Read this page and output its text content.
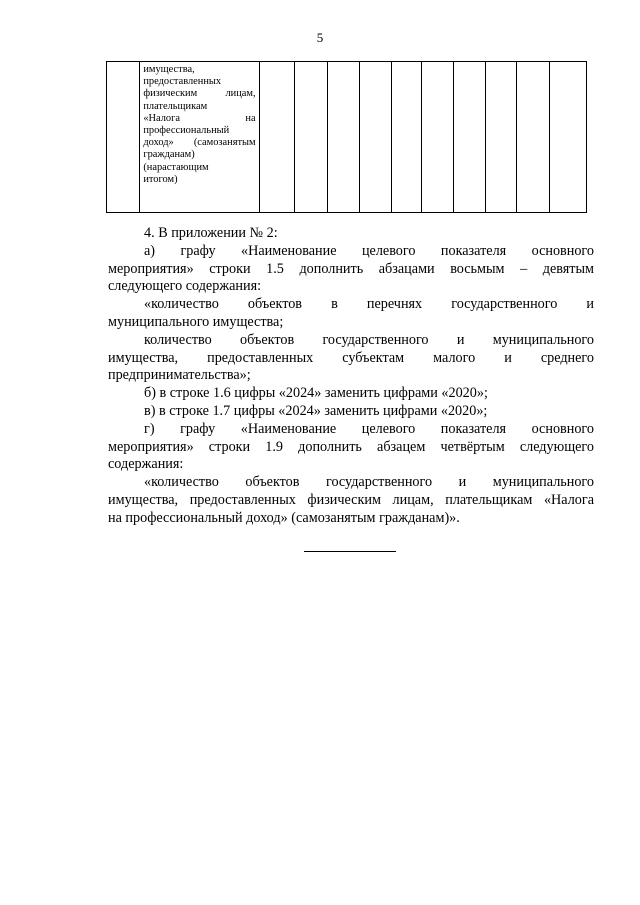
5

имущества,
предоставленных
физическим лицам,
плательщикам
«Налога на
профессиональный
доход» (самозанятым
гражданам)
(нарастающим
итогом)

4. В приложении № 2:
а) графу «Наименование целевого показателя основного
мероприятия» строки 1.5 дополнить абзацами восьмым – девятым
следующего содержания:
«количество объектов в перечнях государственного и
муниципального имущества;
количество объектов государственного и муниципального
имущества, предоставленных субъектам малого и среднего
предпринимательства»;
б) в строке 1.6 цифры «2024» заменить цифрами «2020»;
в) в строке 1.7 цифры «2024» заменить цифрами «2020»;
г) графу «Наименование целевого показателя основного
мероприятия» строки 1.9 дополнить абзацем четвёртым следующего
содержания:
«количество объектов государственного и муниципального
имущества, предоставленных физическим лицам, плательщикам «Налога
на профессиональный доход» (самозанятым гражданам)».
